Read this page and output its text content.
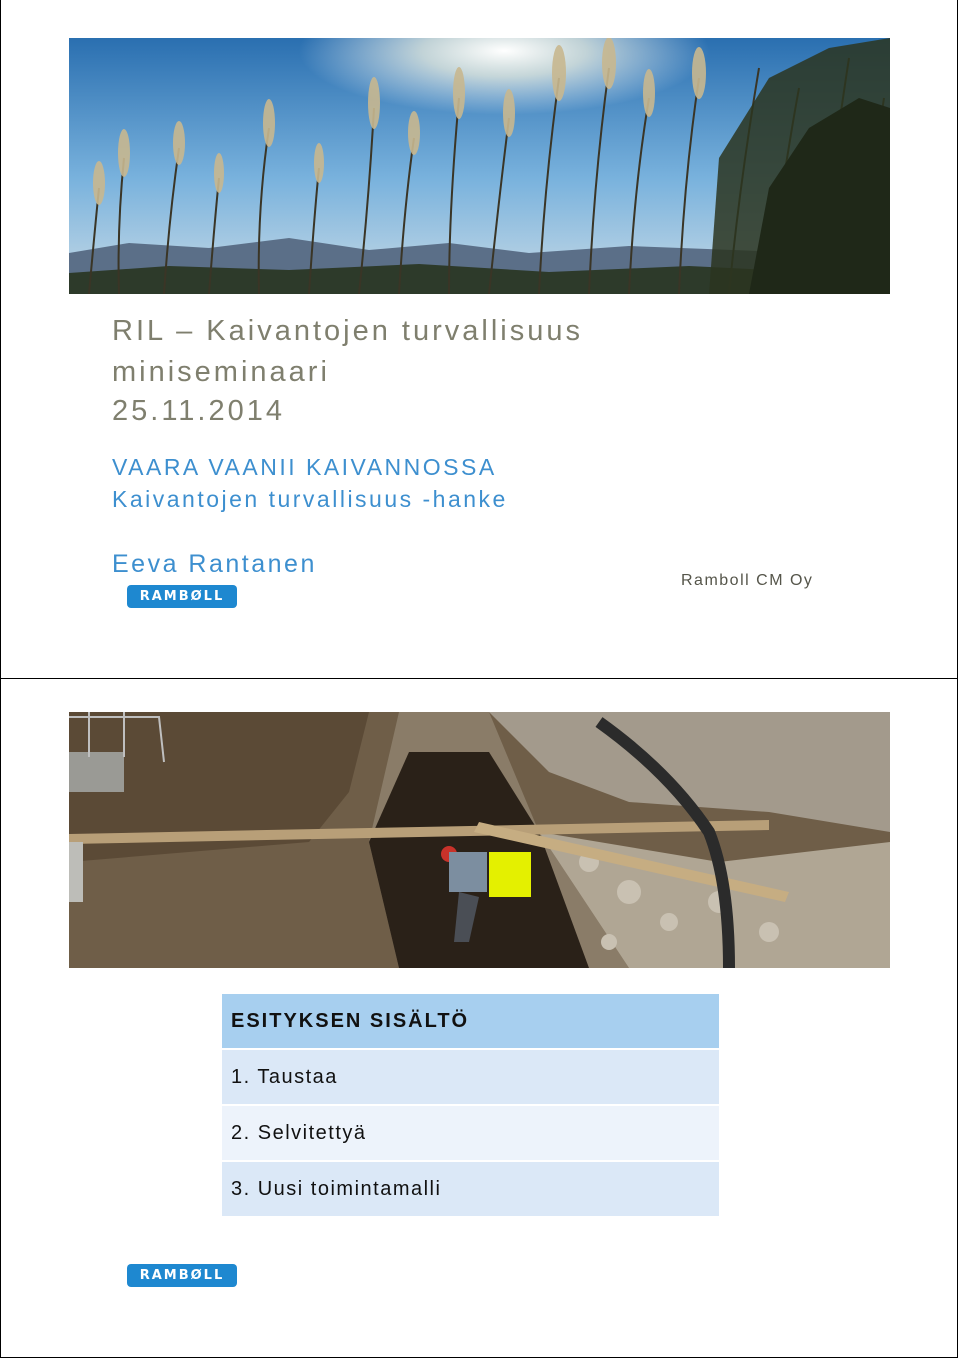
RIL – Kaivantojen turvallisuus
miniseminaari
25.11.2014
VAARA VAANII KAIVANNOSSA
Kaivantojen turvallisuus -hanke
Eeva Rantanen
RAMBØLL
Ramboll CM Oy
ESITYKSEN SISÄLTÖ
1. Taustaa
2. Selvitettyä
3. Uusi toimintamalli
RAMBØLL
